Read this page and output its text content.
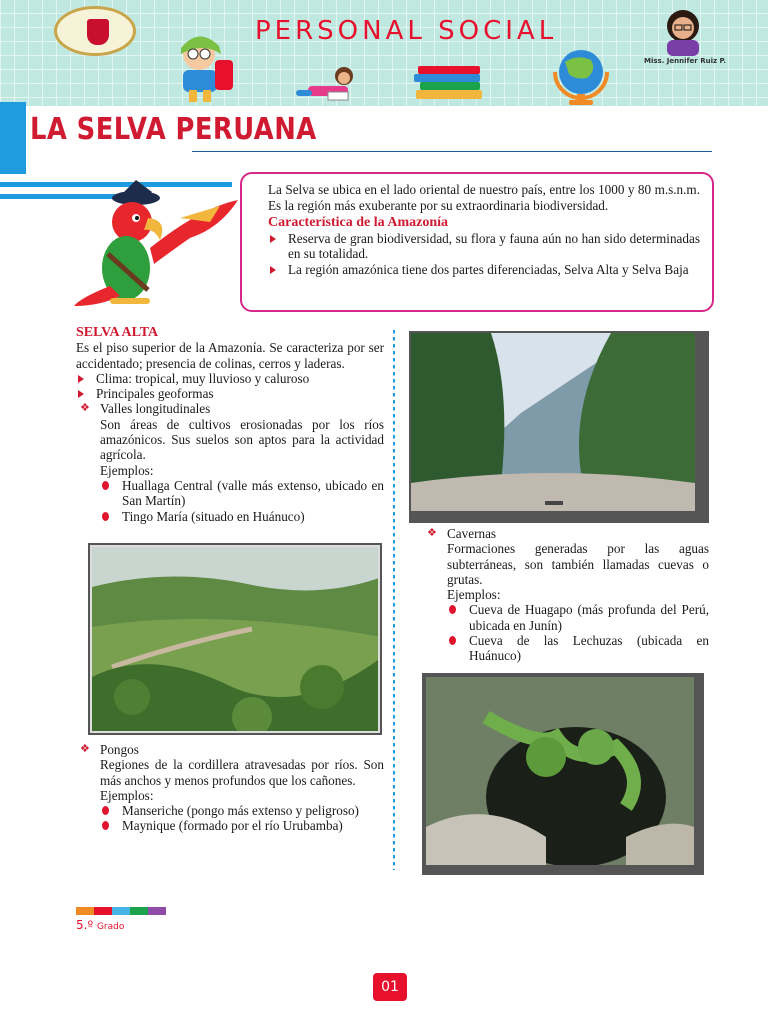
PERSONAL SOCIAL
Miss. Jennifer Ruiz P.
LA SELVA PERUANA

La Selva se ubica en el lado oriental de nuestro país, entre los 1000 y 80 m.s.n.m. Es la región más exuberante por su extraordinaria biodiversidad.

Característica de la Amazonía

Reserva de gran biodiversidad, su flora y fauna aún no han sido determinadas en su totalidad.
La región amazónica tiene dos partes diferenciadas, Selva Alta y Selva Baja
SELVA ALTA

Es el piso superior de la Amazonía. Se caracteriza por ser accidentado; presencia de colinas, cerros y laderas.

Clima: tropical, muy lluvioso y caluroso
Principales geoformas
❖ Valles longitudinales

Son áreas de cultivos erosionadas por los ríos amazónicos. Sus suelos son aptos para la actividad agrícola.

Ejemplos:

Huallaga Central (valle más extenso, ubicado en San Martín)
Tingo María (situado en Huánuco)
❖ Pongos

Regiones de la cordillera atravesadas por ríos. Son más anchos y menos profundos que los cañones.

Ejemplos:

Manseriche (pongo más extenso y peligroso)
Maynique (formado por el río Urubamba)
❖ Cavernas

Formaciones generadas por las aguas subterráneas, son también llamadas cuevas o grutas.

Ejemplos:

Cueva de Huagapo (más profunda del Perú, ubicada en Junín)
Cueva de las Lechuzas (ubicada en Huánuco)
5.º Grado
01
